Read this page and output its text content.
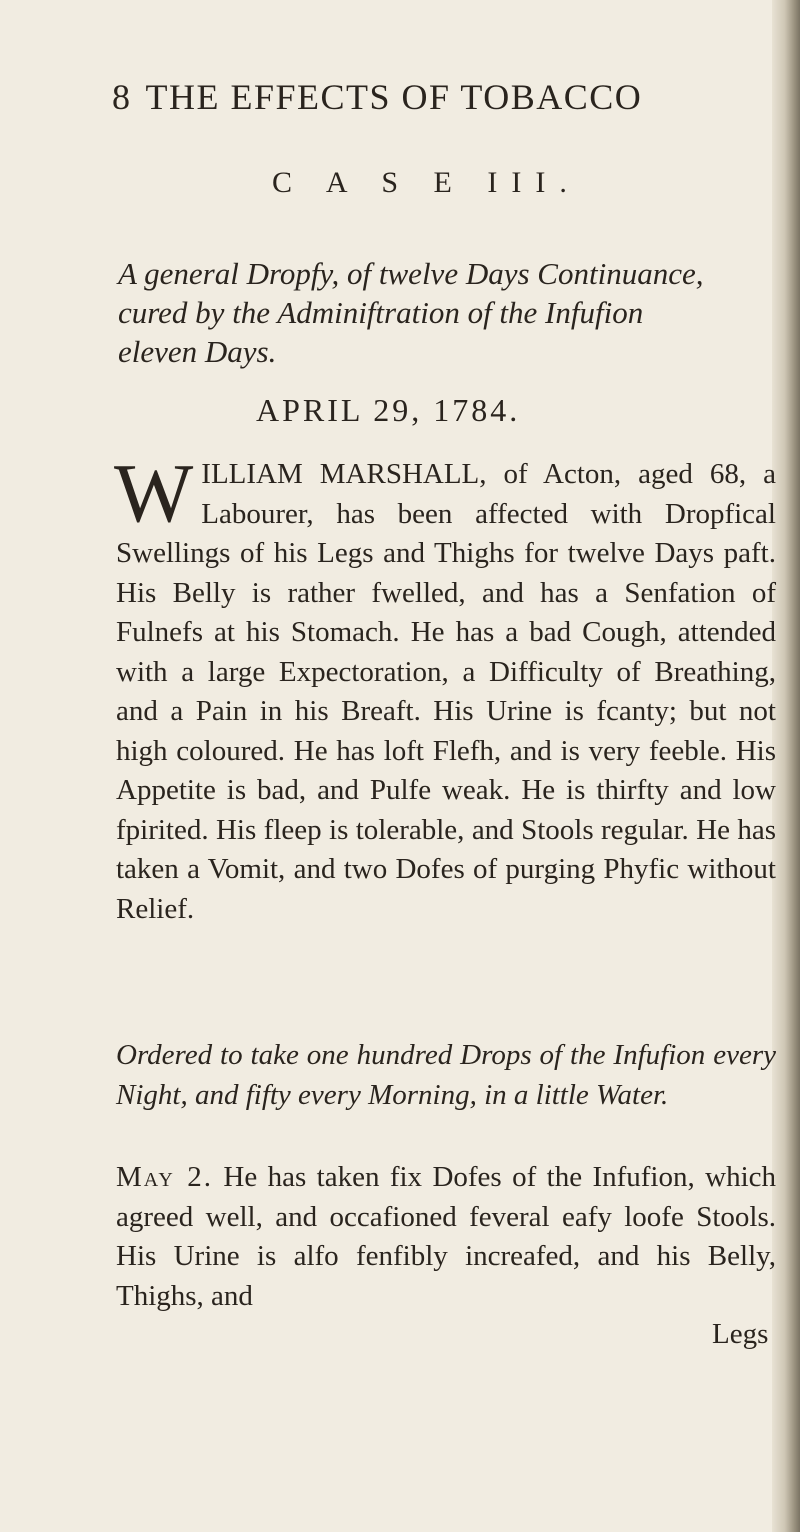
8 THE EFFECTS OF TOBACCO
C A S E III.
A general Dropfy, of twelve Days Continuance,
cured by the Adminiftration of the Infufion
eleven Days.
APRIL 29, 1784.
WILLIAM MARSHALL, of Acton, aged 68, a Labourer, has been affected with Dropfical Swellings of his Legs and Thighs for twelve Days paft. His Belly is rather fwelled, and has a Senfation of Fulnefs at his Stomach. He has a bad Cough, attended with a large Expectoration, a Difficulty of Breathing, and a Pain in his Breaft. His Urine is fcanty; but not high coloured. He has loft Flefh, and is very feeble. His Appetite is bad, and Pulfe weak. He is thirfty and low fpirited. His fleep is tolerable, and Stools regular. He has taken a Vomit, and two Dofes of purging Phyfic without Relief.
Ordered to take one hundred Drops of the Infufion every Night, and fifty every Morning, in a little Water.
May 2. He has taken fix Dofes of the Infufion, which agreed well, and occafioned feveral eafy loofe Stools. His Urine is alfo fenfibly increafed, and his Belly, Thighs, and
Legs
